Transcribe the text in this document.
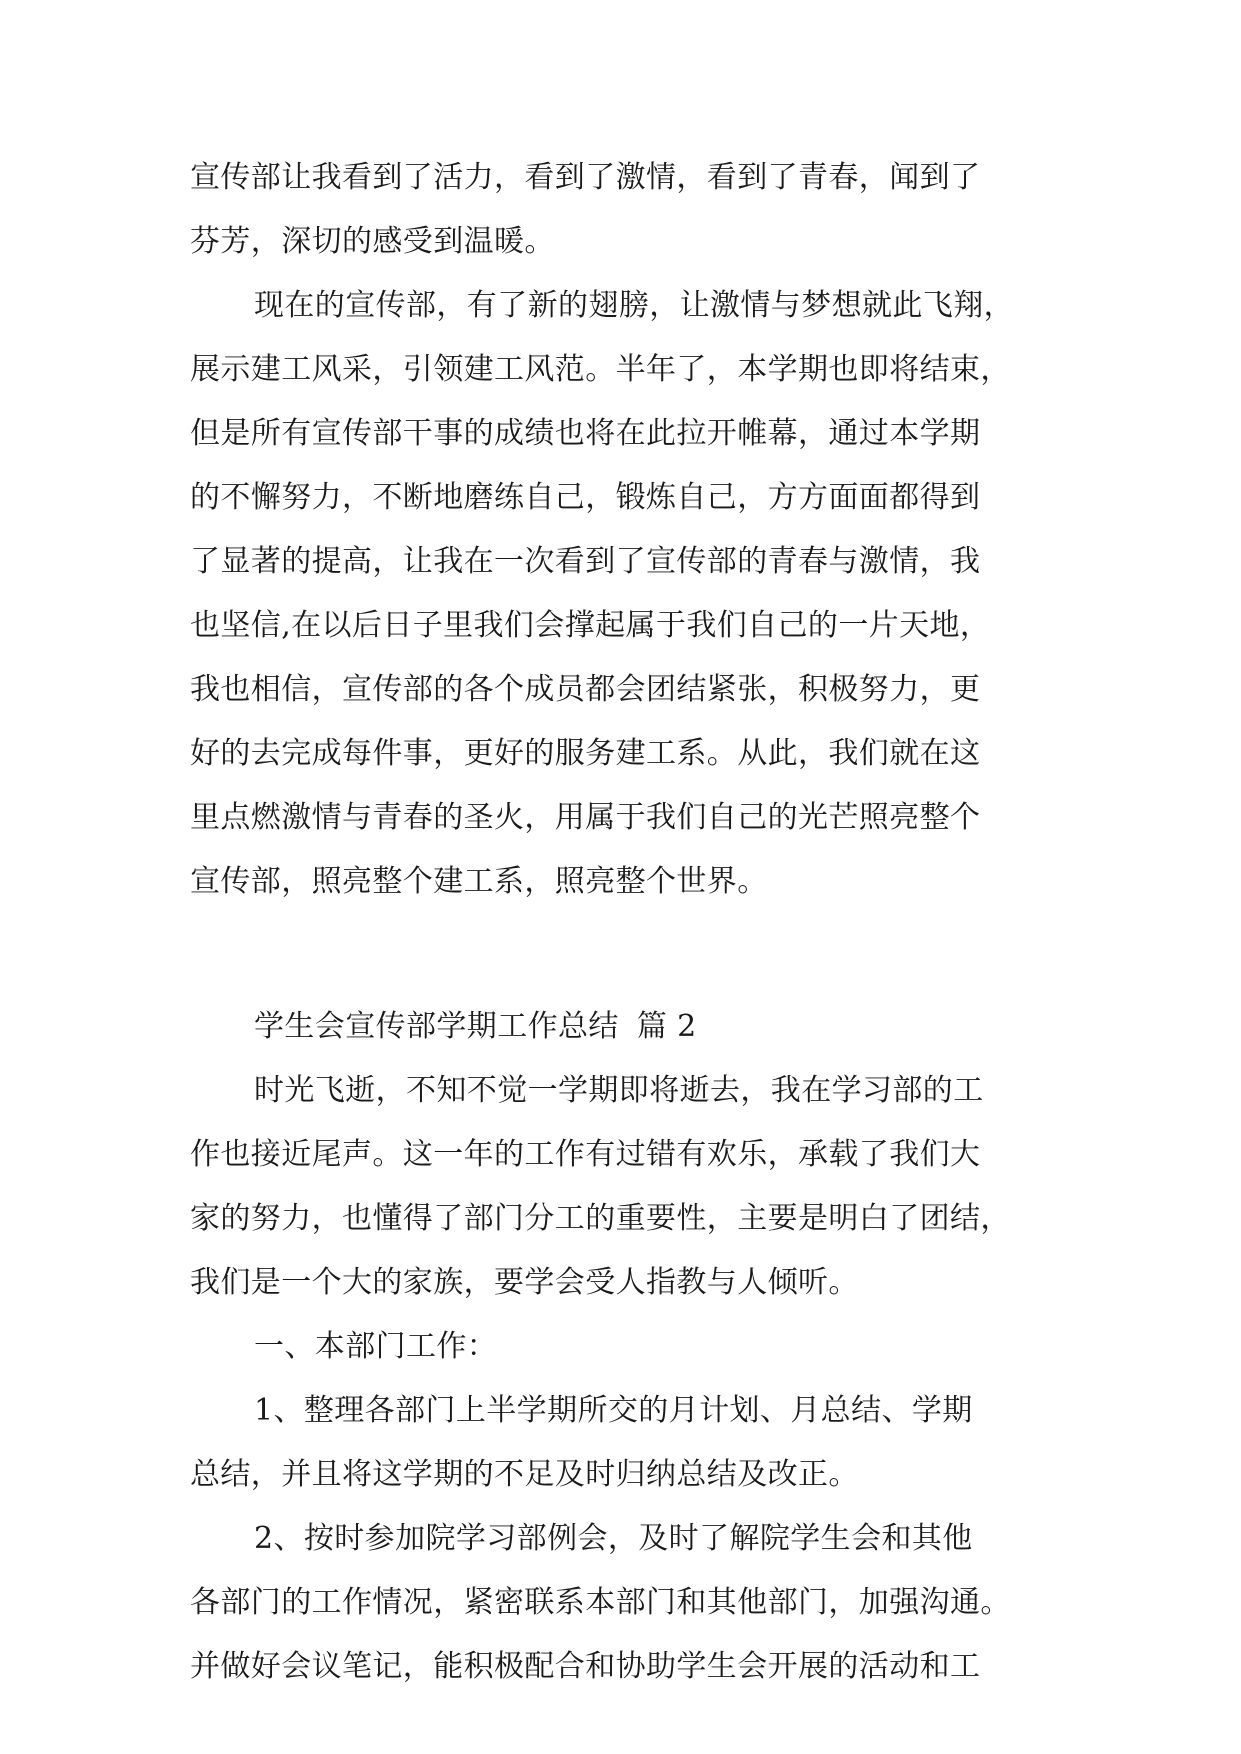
宣传部让我看到了活力，看到了激情，看到了青春，闻到了

芬芳，深切的感受到温暖。

现在的宣传部，有了新的翅膀，让激情与梦想就此飞翔，

展示建工风采，引领建工风范。半年了，本学期也即将结束，

但是所有宣传部干事的成绩也将在此拉开帷幕，通过本学期

的不懈努力，不断地磨练自己，锻炼自己，方方面面都得到

了显著的提高，让我在一次看到了宣传部的青春与激情，我

也坚信,在以后日子里我们会撑起属于我们自己的一片天地，

我也相信，宣传部的各个成员都会团结紧张，积极努力，更

好的去完成每件事，更好的服务建工系。从此，我们就在这

里点燃激情与青春的圣火，用属于我们自己的光芒照亮整个

宣传部，照亮整个建工系，照亮整个世界。

学生会宣传部学期工作总结 篇 2

时光飞逝，不知不觉一学期即将逝去，我在学习部的工

作也接近尾声。这一年的工作有过错有欢乐，承载了我们大

家的努力，也懂得了部门分工的重要性，主要是明白了团结，

我们是一个大的家族，要学会受人指教与人倾听。

一、本部门工作：

1、整理各部门上半学期所交的月计划、月总结、学期

总结，并且将这学期的不足及时归纳总结及改正。

2、按时参加院学习部例会，及时了解院学生会和其他

各部门的工作情况，紧密联系本部门和其他部门，加强沟通。

并做好会议笔记，能积极配合和协助学生会开展的活动和工
